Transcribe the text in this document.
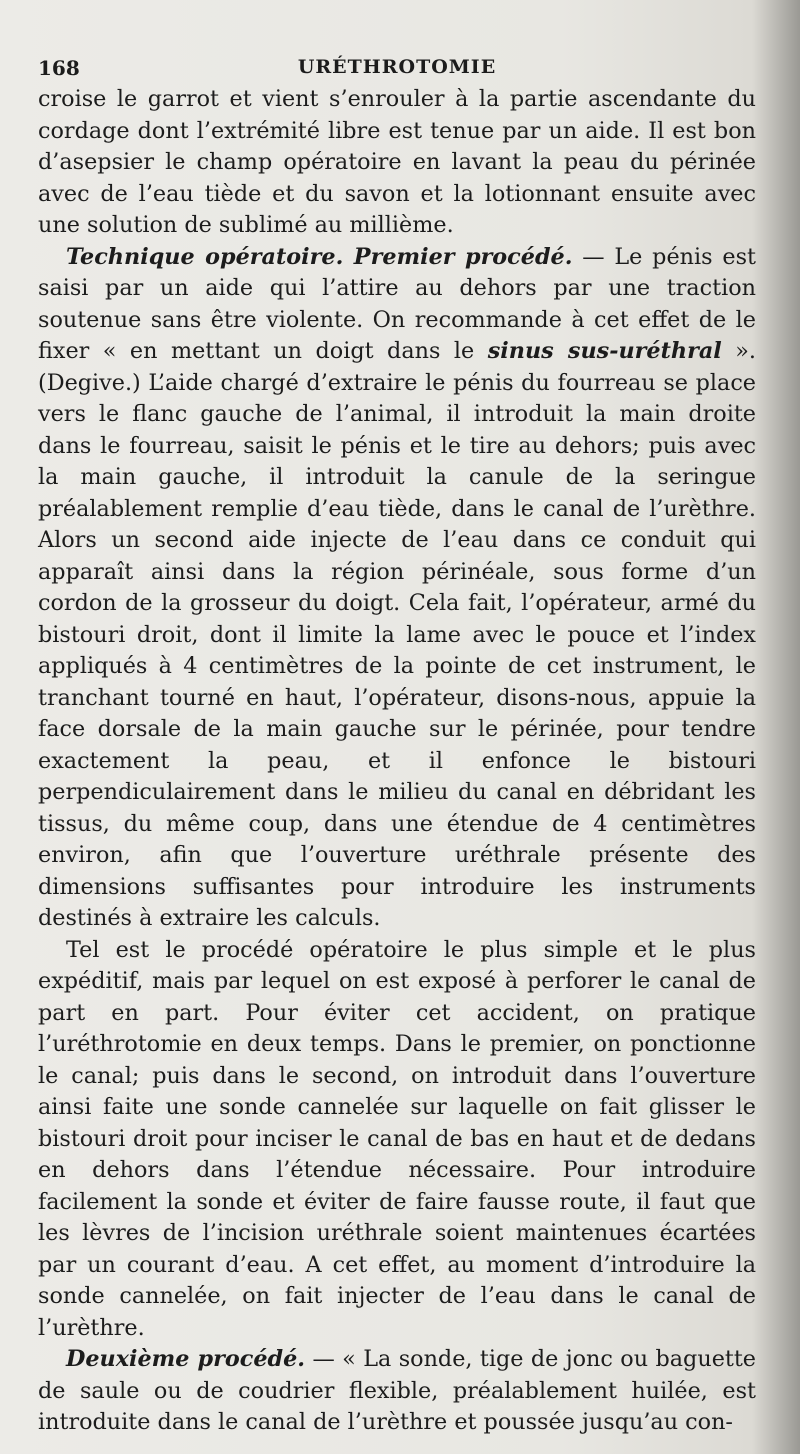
168	URÉTHROTOMIE

croise le garrot et vient s’enrouler à la partie ascendante du cordage dont l’extrémité libre est tenue par un aide. Il est bon d’asepsier le champ opératoire en lavant la peau du périnée avec de l’eau tiède et du savon et la lotionnant ensuite avec une solution de sublimé au millième.

Technique opératoire. Premier procédé. — Le pénis est saisi par un aide qui l’attire au dehors par une traction soutenue sans être violente. On recommande à cet effet de le fixer « en mettant un doigt dans le sinus sus-uréthral ». (Degive.) L’aide chargé d’extraire le pénis du fourreau se place vers le flanc gauche de l’animal, il introduit la main droite dans le fourreau, saisit le pénis et le tire au dehors; puis avec la main gauche, il introduit la canule de la seringue préalablement remplie d’eau tiède, dans le canal de l’urèthre. Alors un second aide injecte de l’eau dans ce conduit qui apparaît ainsi dans la région périnéale, sous forme d’un cordon de la grosseur du doigt. Cela fait, l’opérateur, armé du bistouri droit, dont il limite la lame avec le pouce et l’index appliqués à 4 centimètres de la pointe de cet instrument, le tranchant tourné en haut, l’opérateur, disons-nous, appuie la face dorsale de la main gauche sur le périnée, pour tendre exactement la peau, et il enfonce le bistouri perpendiculairement dans le milieu du canal en débridant les tissus, du même coup, dans une étendue de 4 centimètres environ, afin que l’ouverture uréthrale présente des dimensions suffisantes pour introduire les instruments destinés à extraire les calculs.

Tel est le procédé opératoire le plus simple et le plus expéditif, mais par lequel on est exposé à perforer le canal de part en part. Pour éviter cet accident, on pratique l’uréthrotomie en deux temps. Dans le premier, on ponctionne le canal; puis dans le second, on introduit dans l’ouverture ainsi faite une sonde cannelée sur laquelle on fait glisser le bistouri droit pour inciser le canal de bas en haut et de dedans en dehors dans l’étendue nécessaire. Pour introduire facilement la sonde et éviter de faire fausse route, il faut que les lèvres de l’incision uréthrale soient maintenues écartées par un courant d’eau. A cet effet, au moment d’introduire la sonde cannelée, on fait injecter de l’eau dans le canal de l’urèthre.

Deuxième procédé. — « La sonde, tige de jonc ou baguette de saule ou de coudrier flexible, préalablement huilée, est introduite dans le canal de l’urèthre et poussée jusqu’au con-
